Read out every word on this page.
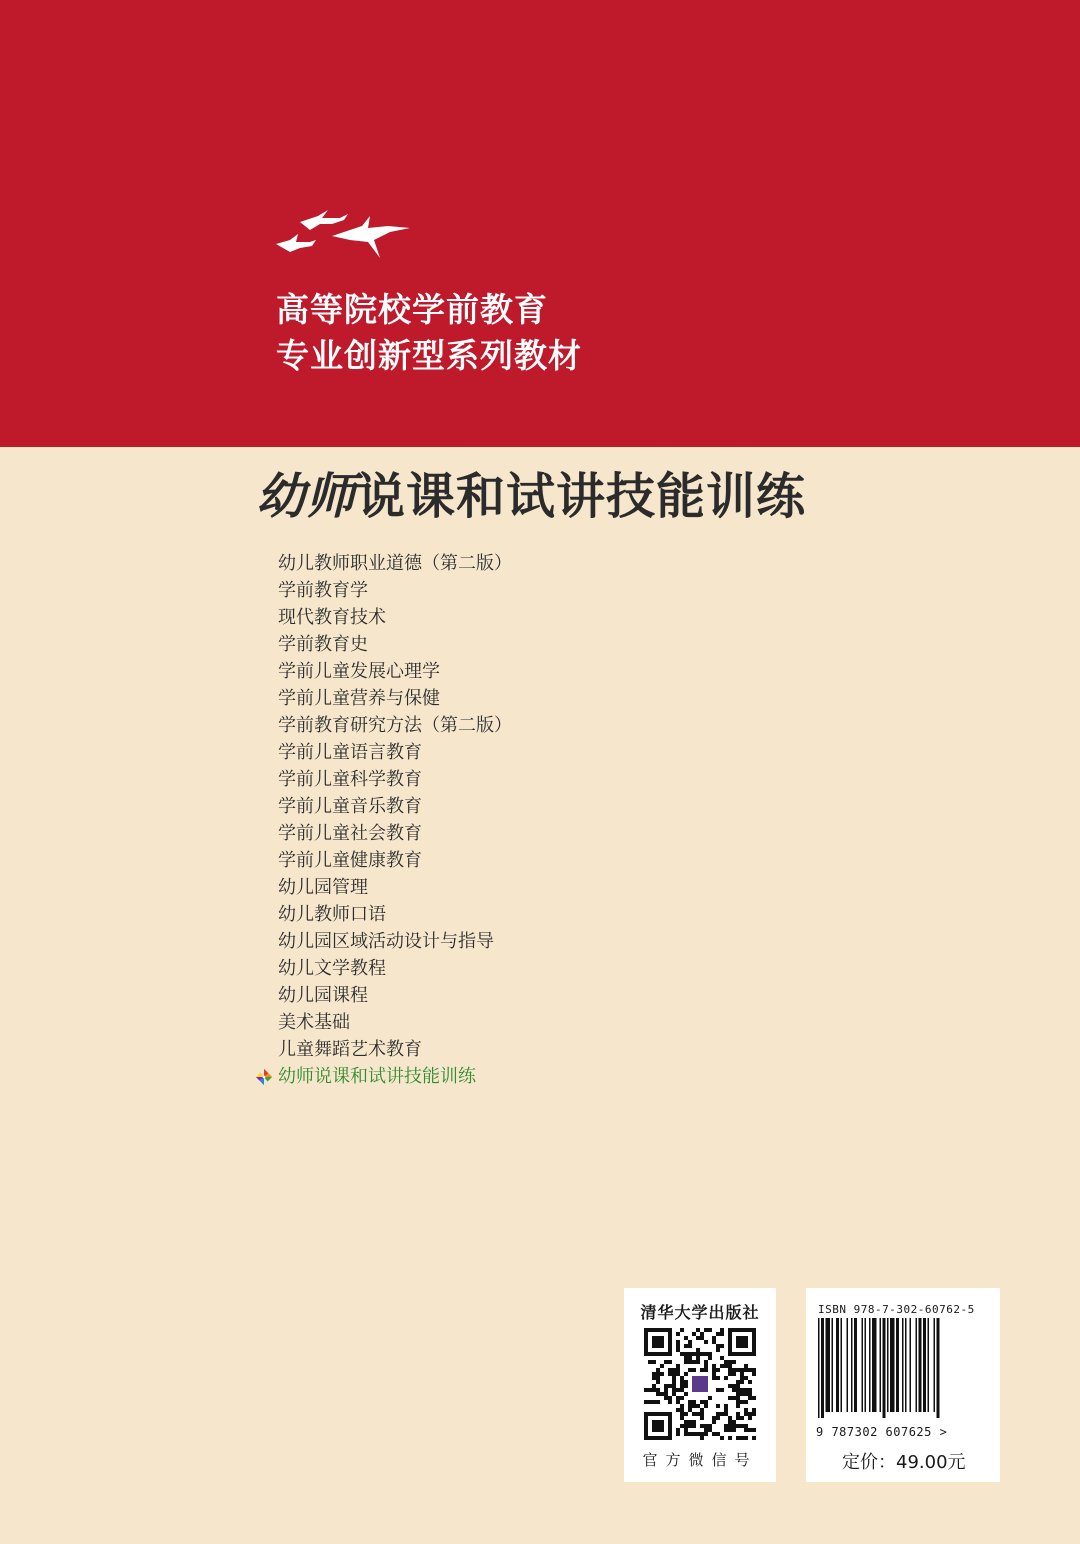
高等院校学前教育
专业创新型系列教材
幼师说课和试讲技能训练
幼儿教师职业道德（第二版）
学前教育学
现代教育技术
学前教育史
学前儿童发展心理学
学前儿童营养与保健
学前教育研究方法（第二版）
学前儿童语言教育
学前儿童科学教育
学前儿童音乐教育
学前儿童社会教育
学前儿童健康教育
幼儿园管理
幼儿教师口语
幼儿园区域活动设计与指导
幼儿文学教程
幼儿园课程
美术基础
儿童舞蹈艺术教育
幼师说课和试讲技能训练
清华大学出版社
官方微信号
ISBN 978-7-302-60762-5
9 787302 607625 >
定价：49.00元
